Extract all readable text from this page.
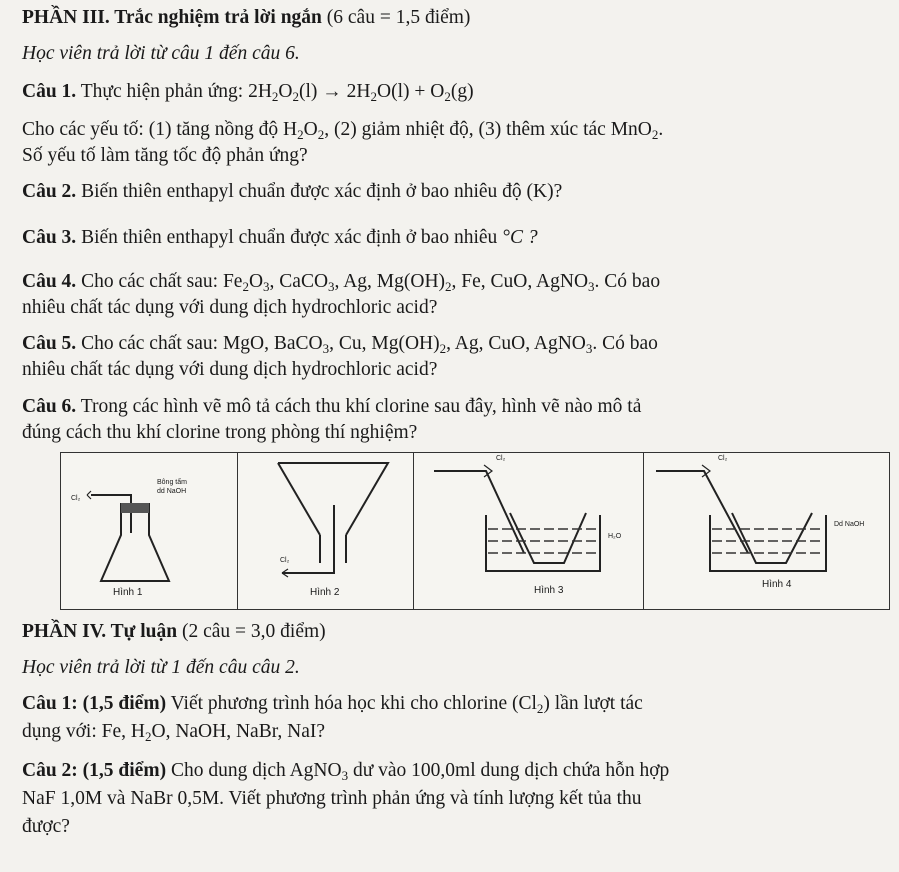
PHẦN III. Trắc nghiệm trả lời ngắn (6 câu = 1,5 điểm)
Học viên trả lời từ câu 1 đến câu 6.
Câu 1. Thực hiện phản ứng: $2H_2O_2(l) \to 2H_2O(l) + O_2(g)$
Cho các yếu tố: (1) tăng nồng độ $H_2O_2$, (2) giảm nhiệt độ, (3) thêm xúc tác MnO$_2$.
Số yếu tố làm tăng tốc độ phản ứng?
Câu 2. Biến thiên enthapyl chuẩn được xác định ở bao nhiêu độ (K)?
Câu 3. Biến thiên enthapyl chuẩn được xác định ở bao nhiêu °C ?
Câu 4. Cho các chất sau: $Fe_2O_3$, CaCO$_3$, Ag, $Mg(OH)_2$, Fe, CuO, AgNO$_3$. Có bao
nhiêu chất tác dụng với dung dịch hydrochloric acid?
Câu 5. Cho các chất sau: MgO, BaCO$_3$, Cu, $Mg(OH)_2$, Ag, CuO, AgNO$_3$. Có bao
nhiêu chất tác dụng với dung dịch hydrochloric acid?
Câu 6. Trong các hình vẽ mô tả cách thu khí clorine sau đây, hình vẽ nào mô tả
đúng cách thu khí clorine trong phòng thí nghiệm?
Cl₂
Bông tẩm
dd NaOH
Hình 1
Cl₂
Hình 2
Cl₂
H₂O
Hình 3
Cl₂
Dd NaOH
Hình 4
PHẦN IV. Tự luận (2 câu = 3,0 điểm)
Học viên trả lời từ 1 đến câu câu 2.
Câu 1: (1,5 điểm) Viết phương trình hóa học khi cho chlorine $(Cl_2)$ lần lượt tác
dụng với: Fe, $H_2O$, NaOH, NaBr, NaI?
Câu 2: (1,5 điểm) Cho dung dịch AgNO$_3$ dư vào 100,0ml dung dịch chứa hỗn hợp
NaF 1,0M và NaBr 0,5M. Viết phương trình phản ứng và tính lượng kết tủa thu
được?
